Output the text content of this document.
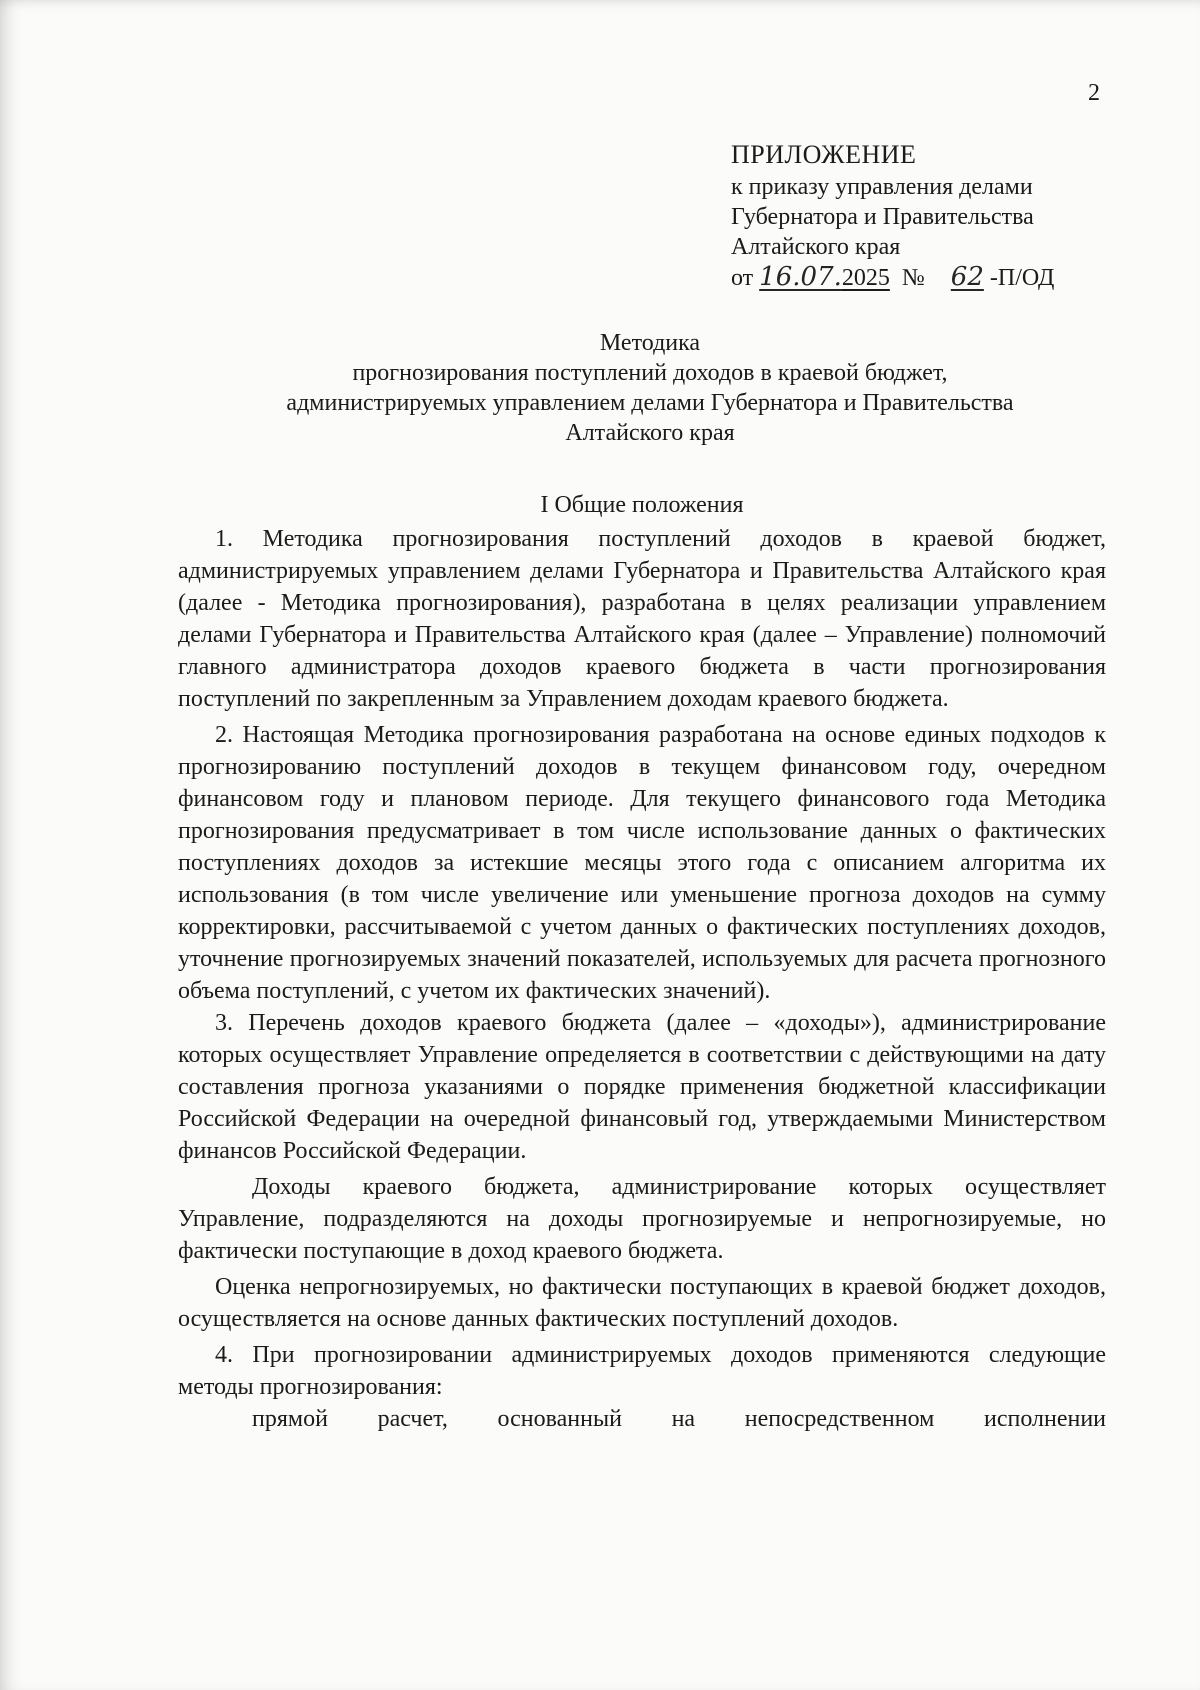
2
ПРИЛОЖЕНИЕ
к приказу управления делами
Губернатора и Правительства
Алтайского края
от 16.07.2025 № 62 -П/ОД
Методика
прогнозирования поступлений доходов в краевой бюджет,
администрируемых управлением делами Губернатора и Правительства
Алтайского края
I Общие положения

1. Методика прогнозирования поступлений доходов в краевой бюджет, администрируемых управлением делами Губернатора и Правительства Алтайского края (далее - Методика прогнозирования), разработана в целях реализации управлением делами Губернатора и Правительства Алтайского края (далее – Управление) полномочий главного администратора доходов краевого бюджета в части прогнозирования поступлений по закрепленным за Управлением доходам краевого бюджета.

2. Настоящая Методика прогнозирования разработана на основе единых подходов к прогнозированию поступлений доходов в текущем финансовом году, очередном финансовом году и плановом периоде. Для текущего финансового года Методика прогнозирования предусматривает в том числе использование данных о фактических поступлениях доходов за истекшие месяцы этого года с описанием алгоритма их использования (в том числе увеличение или уменьшение прогноза доходов на сумму корректировки, рассчитываемой с учетом данных о фактических поступлениях доходов, уточнение прогнозируемых значений показателей, используемых для расчета прогнозного объема поступлений, с учетом их фактических значений).

3. Перечень доходов краевого бюджета (далее – «доходы»), администрирование которых осуществляет Управление определяется в соответствии с действующими на дату составления прогноза указаниями о порядке применения бюджетной классификации Российской Федерации на очередной финансовый год, утверждаемыми Министерством финансов Российской Федерации.

Доходы краевого бюджета, администрирование которых осуществляет Управление, подразделяются на доходы прогнозируемые и непрогнозируемые, но фактически поступающие в доход краевого бюджета.

Оценка непрогнозируемых, но фактически поступающих в краевой бюджет доходов, осуществляется на основе данных фактических поступлений доходов.

4. При прогнозировании администрируемых доходов применяются следующие методы прогнозирования:

прямой расчет, основанный на непосредственном исполнении
